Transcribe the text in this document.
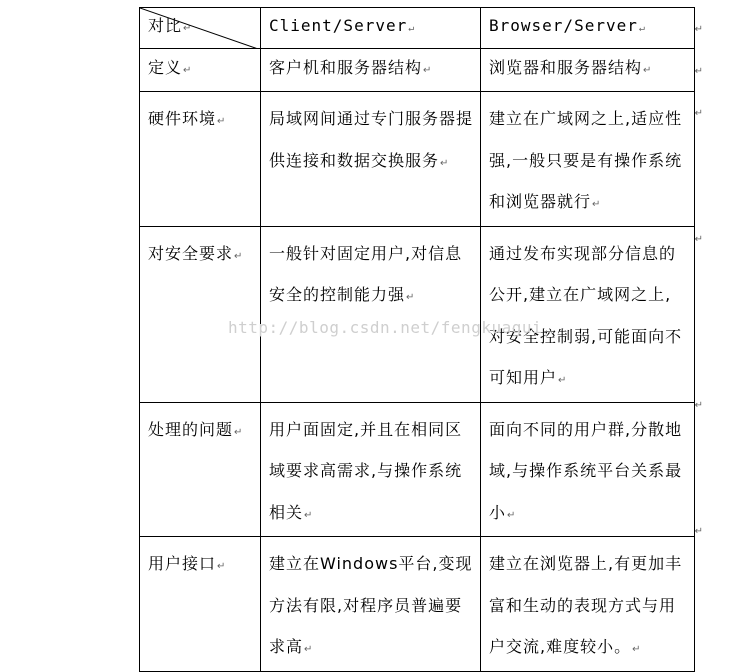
对比↵	Client/Server↵	Browser/Server↵
定义↵	客户机和服务器结构↵	浏览器和服务器结构↵
硬件环境↵	局域网间通过专门服务器提供连接和数据交换服务↵	建立在广域网之上,适应性强,一般只要是有操作系统和浏览器就行↵
对安全要求↵	一般针对固定用户,对信息安全的控制能力强↵	通过发布实现部分信息的公开,建立在广域网之上,对安全控制弱,可能面向不可知用户↵
处理的问题↵	用户面固定,并且在相同区域要求高需求,与操作系统相关↵	面向不同的用户群,分散地域,与操作系统平台关系最小↵
用户接口↵	建立在Windows平台,变现方法有限,对程序员普遍要求高↵	建立在浏览器上,有更加丰富和生动的表现方式与用户交流,难度较小。↵
↵
↵
↵
↵
↵
↵
http://blog.csdn.net/fengkuagui
